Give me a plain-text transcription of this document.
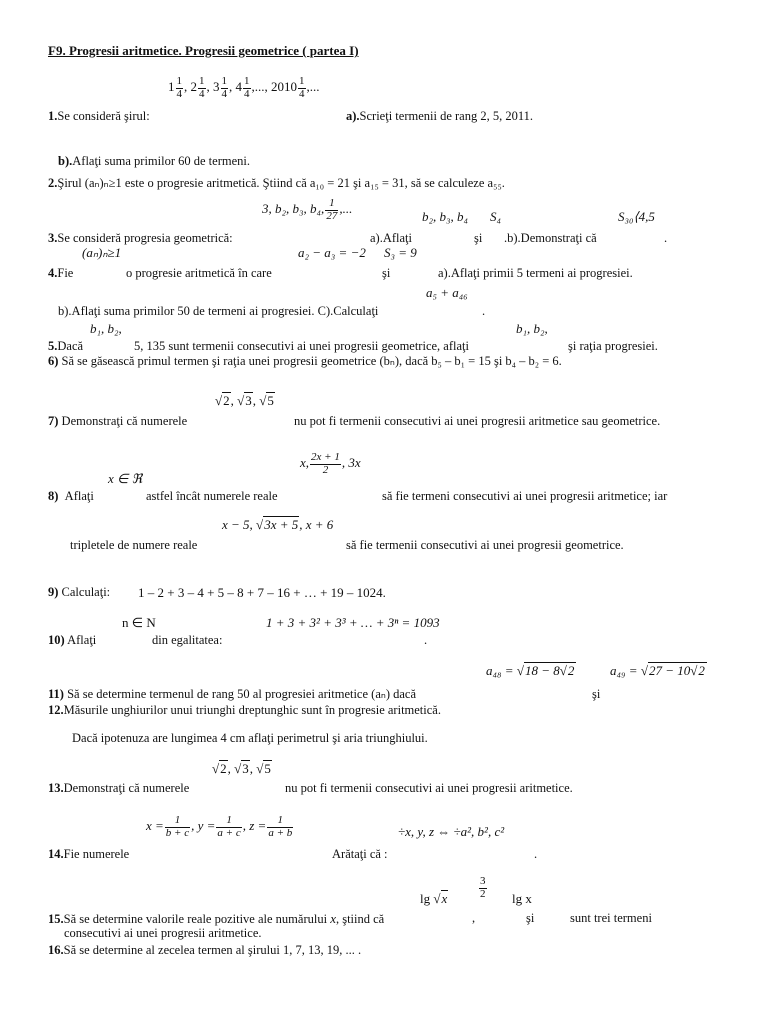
F9. Progresii aritmetice. Progresii geometrice ( partea I)
$1 \frac{1}{4}$ , $2 \frac{1}{4}$ , $3 \frac{1}{4}$ , $4 \frac{1}{4}$ ,..., $2010 \frac{1}{4}$ ,...
1.Se consideră şirul:	a).Scrieţi termenii de rang 2, 5, 2011.
b).Aflaţi suma primilor 60 de termeni.
2.Şirul (aₙ)ₙ≥1 este o progresie aritmetică. Ştiind că a₁₀ = 21 şi a₁₅ = 31, să se calculeze a₅₅.
3, b₂, b₃, b₄, $\frac{1}{27}$ ,...
b₂, b₃, b₄ S₄	S₃₀⟨4,5
3.Se consideră progresia geometrică:	a).Aflaţi	şi .b).Demonstraţi că	.
(aₙ)ₙ≥1	a₂ − a₃ = −2 S₃ = 9
4.Fie	o progresie aritmetică în care	şi	a).Aflaţi primii 5 termeni ai progresiei.
a₅ + a₄₆
b).Aflaţi suma primilor 50 de termeni ai progresiei. C).Calculaţi	.
b₁, b₂,	b₁, b₂,
5.Dacă	5, 135 sunt termenii consecutivi ai unei progresii geometrice, aflaţi	şi raţia progresiei.
6) Să se găsească primul termen şi raţia unei progresii geometrice (bₙ), dacă b₅ – b₁ = 15 şi b₄ – b₂ = 6.
√2, √3, √5
7) Demonstraţi că numerele	nu pot fi termenii consecutivi ai unei progresii aritmetice sau geometrice.
x, $\frac{2x + 1}{2}$ , 3x
x ∈ ℜ
8) Aflaţi	astfel încât numerele reale	să fie termeni consecutivi ai unei progresii aritmetice; iar
x − 5, √3x + 5, x + 6
tripletele de numere reale	să fie termenii consecutivi ai unei progresii geometrice.
9) Calculaţi: 1 – 2 + 3 – 4 + 5 – 8 + 7 – 16 + … + 19 – 1024.
n ∈ N	1 + 3 + 3² + 3³ + … + 3ⁿ = 1093
10) Aflaţi	din egalitatea:	.
a₄₈ = √18 − 8√2	a₄₉ = √27 − 10√2
11) Să se determine termenul de rang 50 al progresiei aritmetice (aₙ) dacă	şi
12.Măsurile unghiurilor unui triunghi dreptunghic sunt în progresie aritmetică.
Dacă ipotenuza are lungimea 4 cm aflaţi perimetrul şi aria triunghiului.
√2, √3, √5
13.Demonstraţi că numerele	nu pot fi termenii consecutivi ai unei progresii aritmetice.
$x = \frac{1}{b + c}$ , $y = \frac{1}{a + c}$ , $z = \frac{1}{a + b}$	÷x, y, z ⇔ ÷a², b², c²
14.Fie numerele	Arătaţi că :	.
lg √x	$\frac{3}{2}$ lg x
15.Să se determine valorile reale pozitive ale numărului x, ştiind că	,	şi	sunt trei termeni
consecutivi ai unei progresii aritmetice.
16.Să se determine al zecelea termen al şirului 1, 7, 13, 19, ... .
